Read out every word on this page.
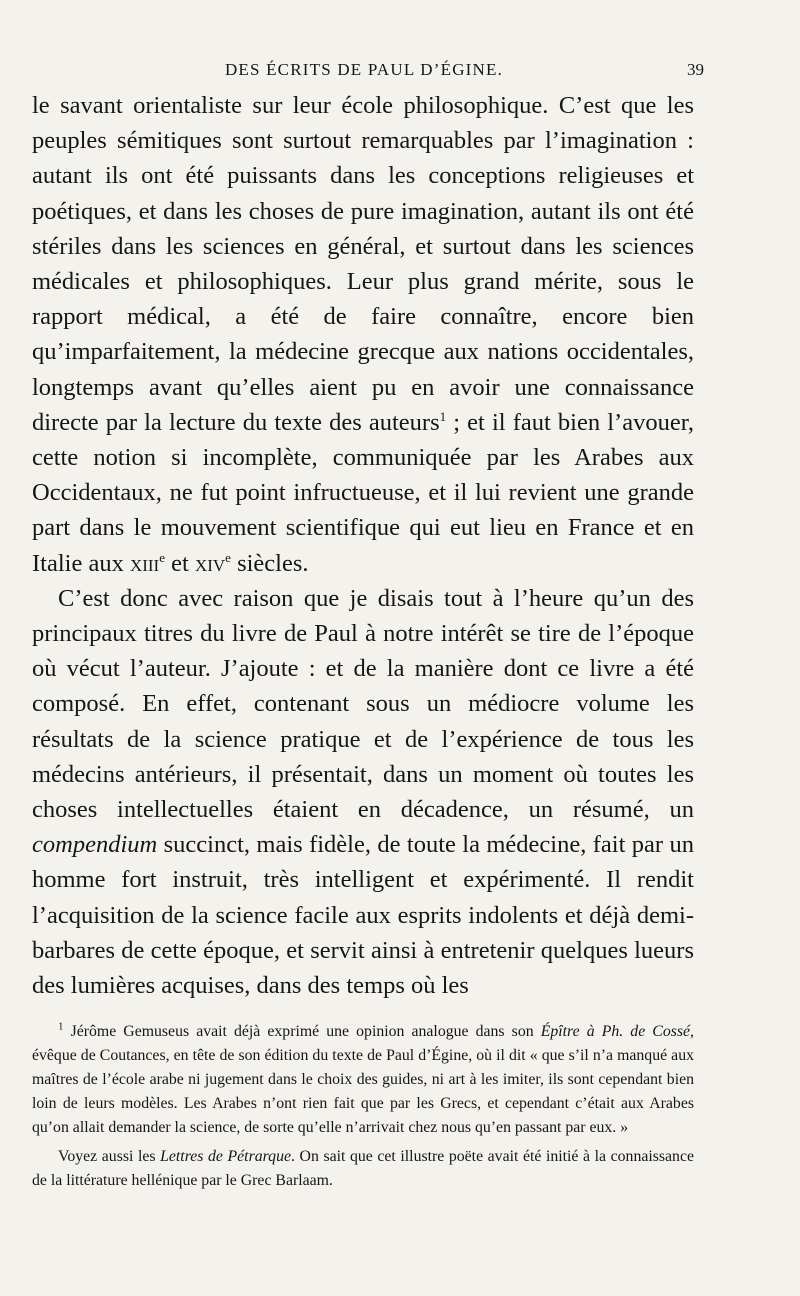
DES ÉCRITS DE PAUL D’ÉGINE.	39

le savant orientaliste sur leur école philosophique. C’est que les peuples sémitiques sont surtout remarquables par l’imagination : autant ils ont été puissants dans les conceptions religieuses et poétiques, et dans les choses de pure imagination, autant ils ont été stériles dans les sciences en général, et surtout dans les sciences médicales et philosophiques. Leur plus grand mérite, sous le rapport médical, a été de faire connaître, encore bien qu’imparfaitement, la médecine grecque aux nations occidentales, longtemps avant qu’elles aient pu en avoir une connaissance directe par la lecture du texte des auteurs$^1$ ; et il faut bien l’avouer, cette notion si incomplète, communiquée par les Arabes aux Occidentaux, ne fut point infructueuse, et il lui revient une grande part dans le mouvement scientifique qui eut lieu en France et en Italie aux xiii$^e$ et xiv$^e$ siècles.

C’est donc avec raison que je disais tout à l’heure qu’un des principaux titres du livre de Paul à notre intérêt se tire de l’époque où vécut l’auteur. J’ajoute : et de la manière dont ce livre a été composé. En effet, contenant sous un médiocre volume les résultats de la science pratique et de l’expérience de tous les médecins antérieurs, il présentait, dans un moment où toutes les choses intellectuelles étaient en décadence, un résumé, un compendium succinct, mais fidèle, de toute la médecine, fait par un homme fort instruit, très intelligent et expérimenté. Il rendit l’acquisition de la science facile aux esprits indolents et déjà demi-barbares de cette époque, et servit ainsi à entretenir quelques lueurs des lumières acquises, dans des temps où les

$^1$ Jérôme Gemuseus avait déjà exprimé une opinion analogue dans son Épître à Ph. de Cossé, évêque de Coutances, en tête de son édition du texte de Paul d’Égine, où il dit « que s’il n’a manqué aux maîtres de l’école arabe ni jugement dans le choix des guides, ni art à les imiter, ils sont cependant bien loin de leurs modèles. Les Arabes n’ont rien fait que par les Grecs, et cependant c’était aux Arabes qu’on allait demander la science, de sorte qu’elle n’arrivait chez nous qu’en passant par eux. »

Voyez aussi les Lettres de Pétrarque. On sait que cet illustre poëte avait été initié à la connaissance de la littérature hellénique par le Grec Barlaam.
